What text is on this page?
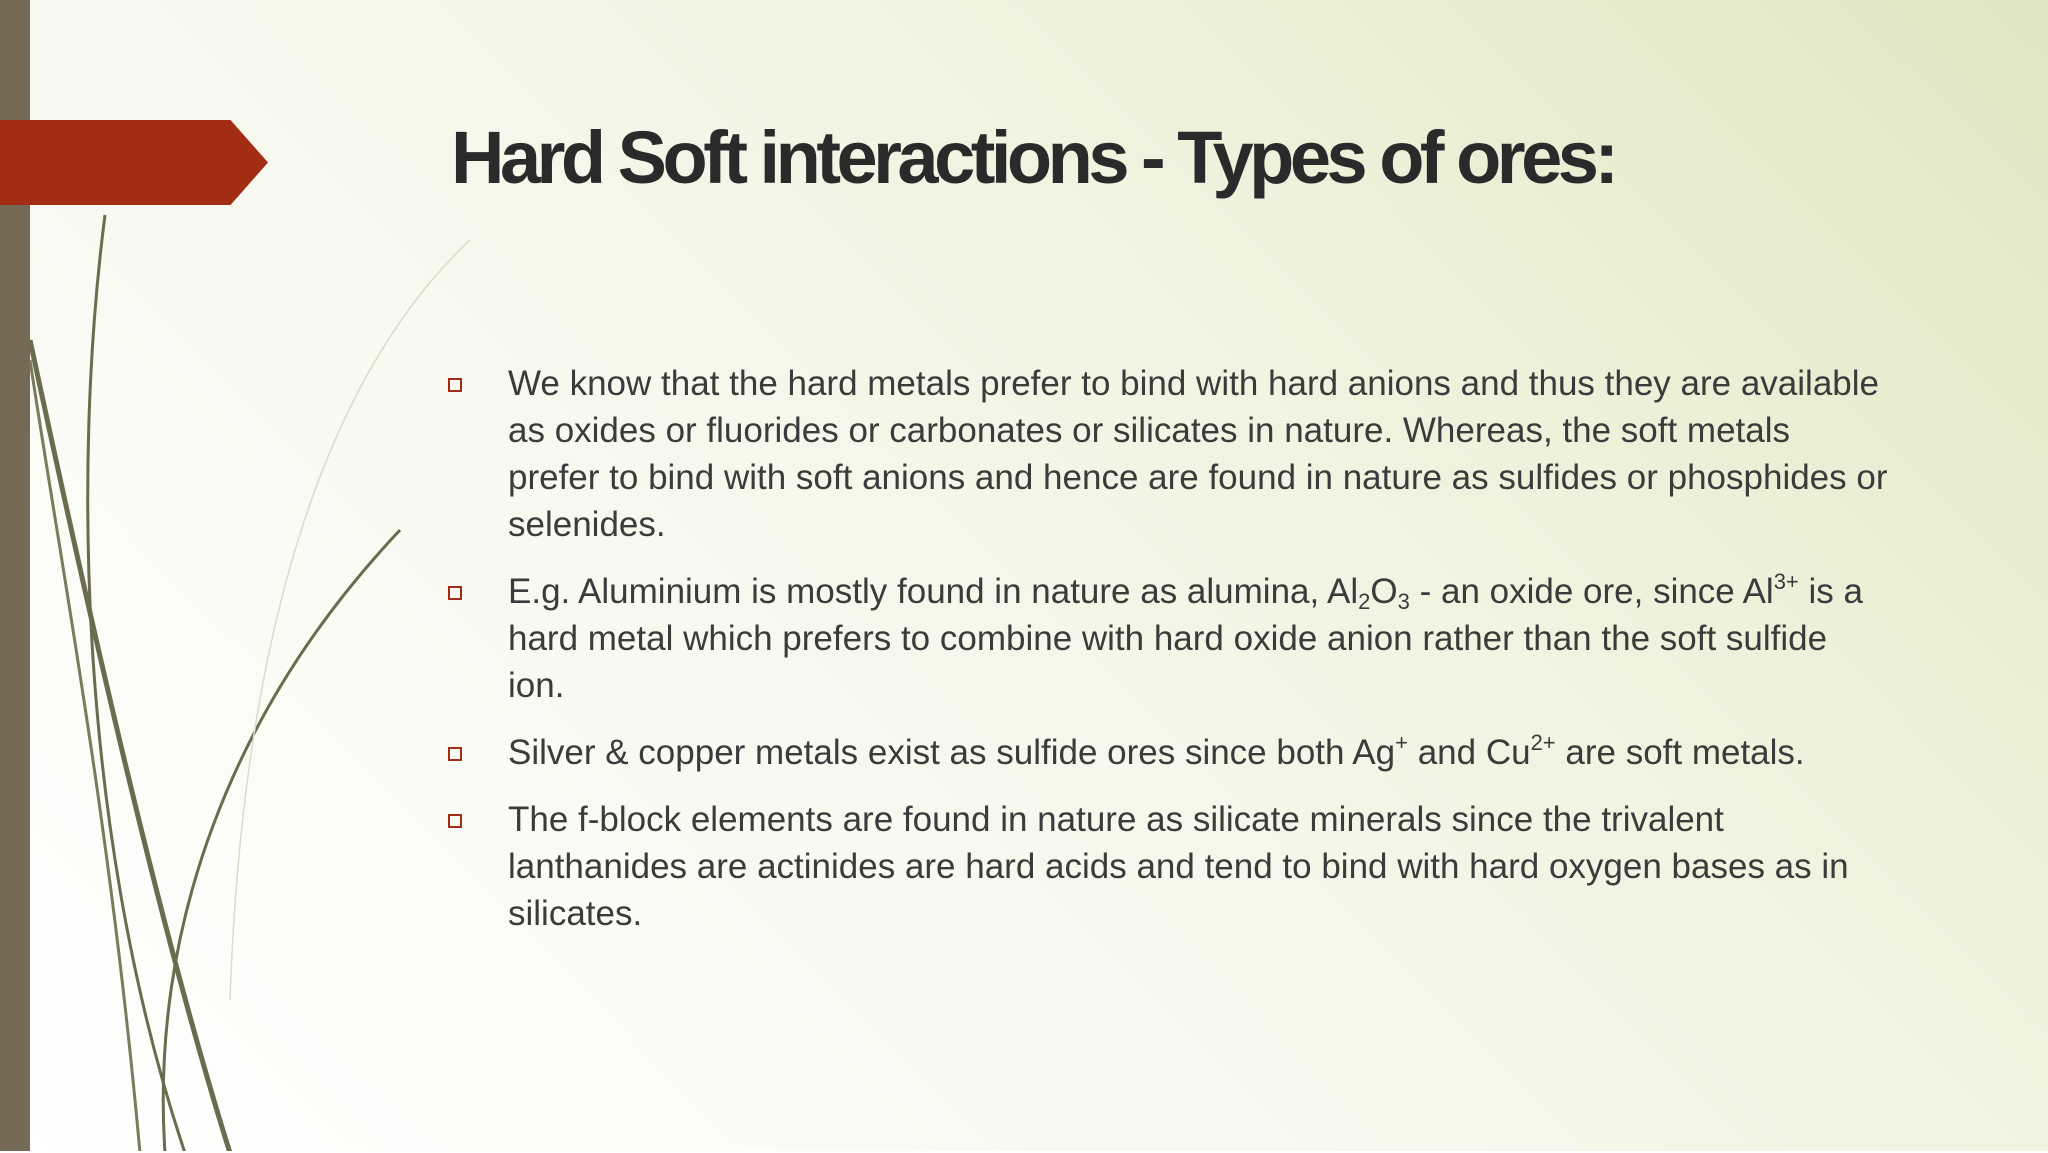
Hard Soft interactions - Types of ores:
We know that the hard metals prefer to bind with hard anions and thus they are available as oxides or fluorides or carbonates or silicates in nature. Whereas, the soft metals prefer to bind with soft anions and hence are found in nature as sulfides or phosphides or selenides.
E.g. Aluminium is mostly found in nature as alumina, $Al_2O_3$ - an oxide ore, since $Al^{3+}$ is a hard metal which prefers to combine with hard oxide anion rather than the soft sulfide ion.
Silver & copper metals exist as sulfide ores since both Ag+ and $Cu^{2+}$ are soft metals.
The f-block elements are found in nature as silicate minerals since the trivalent lanthanides are actinides are hard acids and tend to bind with hard oxygen bases as in silicates.
